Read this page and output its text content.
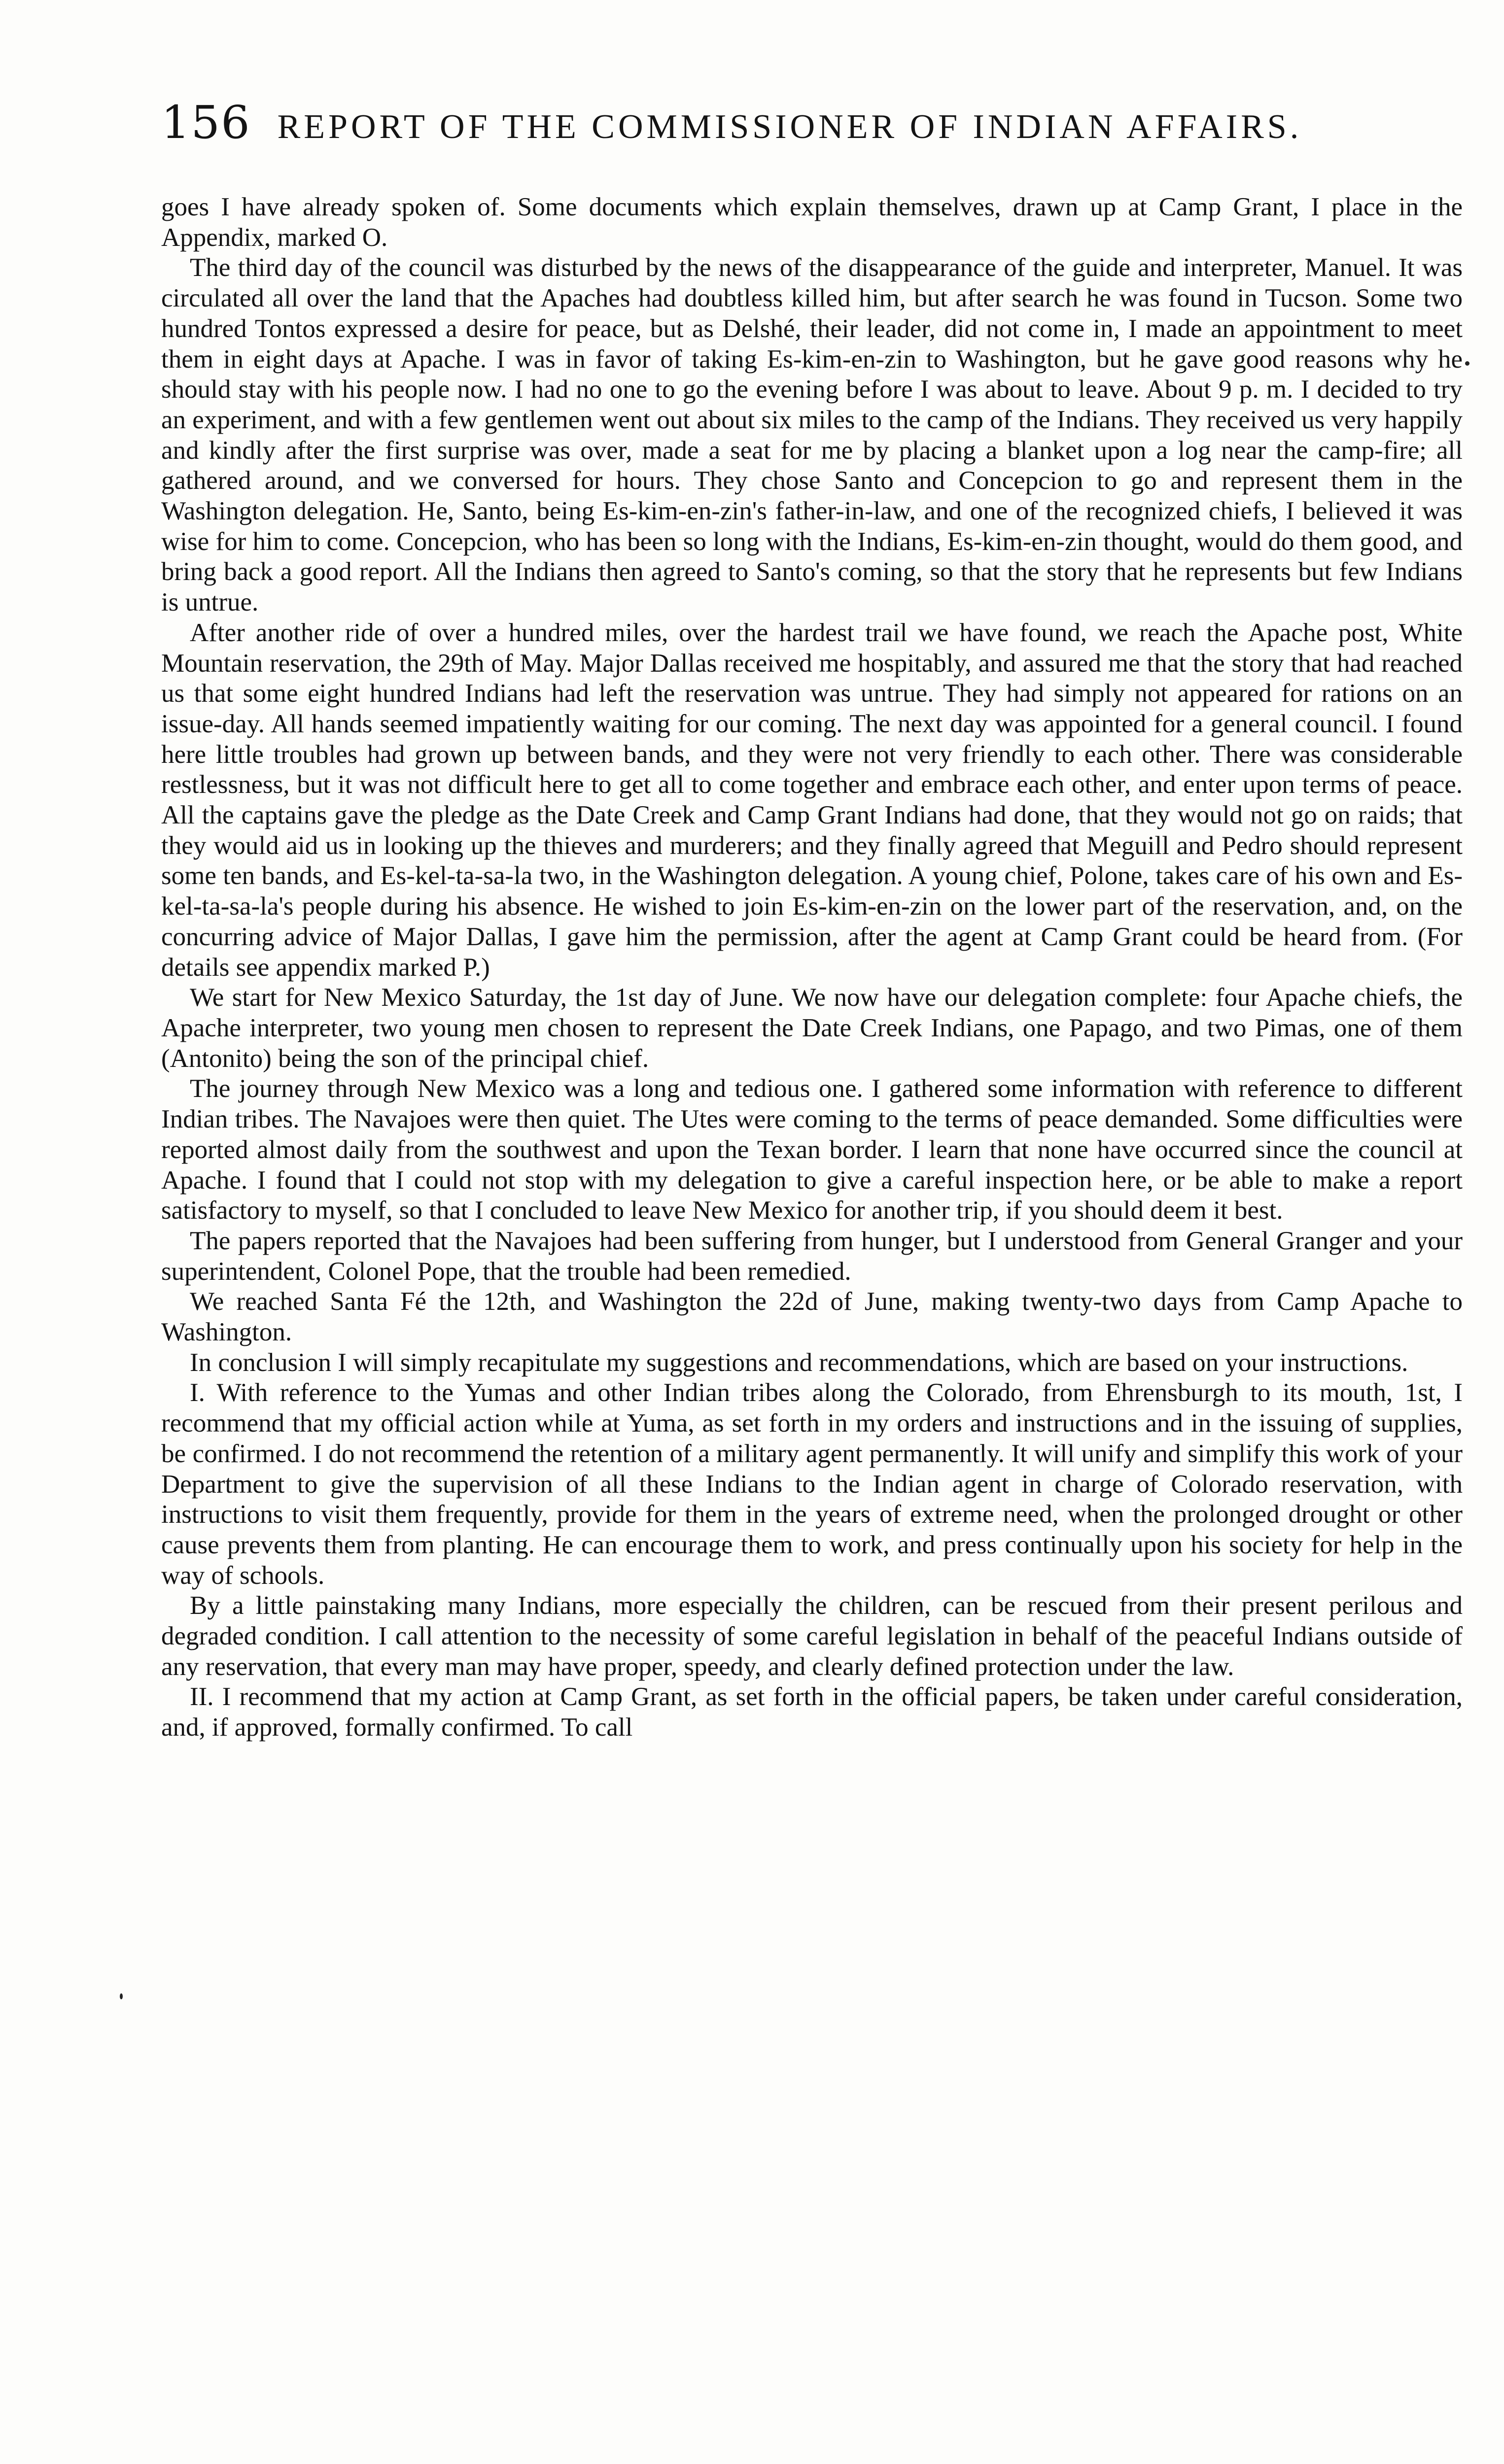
156 REPORT OF THE COMMISSIONER OF INDIAN AFFAIRS.

goes I have already spoken of. Some documents which explain themselves, drawn up at Camp Grant, I place in the Appendix, marked O.

The third day of the council was disturbed by the news of the disappearance of the guide and interpreter, Manuel. It was circulated all over the land that the Apaches had doubtless killed him, but after search he was found in Tucson. Some two hundred Tontos expressed a desire for peace, but as Delshé, their leader, did not come in, I made an appointment to meet them in eight days at Apache. I was in favor of taking Es-kim-en-zin to Washington, but he gave good reasons why he should stay with his people now. I had no one to go the evening before I was about to leave. About 9 p. m. I decided to try an experiment, and with a few gentlemen went out about six miles to the camp of the Indians. They received us very happily and kindly after the first surprise was over, made a seat for me by placing a blanket upon a log near the camp-fire; all gathered around, and we conversed for hours. They chose Santo and Concepcion to go and represent them in the Washington delegation. He, Santo, being Es-kim-en-zin's father-in-law, and one of the recognized chiefs, I believed it was wise for him to come. Concepcion, who has been so long with the Indians, Es-kim-en-zin thought, would do them good, and bring back a good report. All the Indians then agreed to Santo's coming, so that the story that he represents but few Indians is untrue.

After another ride of over a hundred miles, over the hardest trail we have found, we reach the Apache post, White Mountain reservation, the 29th of May. Major Dallas received me hospitably, and assured me that the story that had reached us that some eight hundred Indians had left the reservation was untrue. They had simply not appeared for rations on an issue-day. All hands seemed impatiently waiting for our coming. The next day was appointed for a general council. I found here little troubles had grown up between bands, and they were not very friendly to each other. There was considerable restlessness, but it was not difficult here to get all to come together and embrace each other, and enter upon terms of peace. All the captains gave the pledge as the Date Creek and Camp Grant Indians had done, that they would not go on raids; that they would aid us in looking up the thieves and murderers; and they finally agreed that Meguill and Pedro should represent some ten bands, and Es-kel-ta-sa-la two, in the Washington delegation. A young chief, Polone, takes care of his own and Es-kel-ta-sa-la's people during his absence. He wished to join Es-kim-en-zin on the lower part of the reservation, and, on the concurring advice of Major Dallas, I gave him the permission, after the agent at Camp Grant could be heard from. (For details see appendix marked P.)

We start for New Mexico Saturday, the 1st day of June. We now have our delegation complete: four Apache chiefs, the Apache interpreter, two young men chosen to represent the Date Creek Indians, one Papago, and two Pimas, one of them (Antonito) being the son of the principal chief.

The journey through New Mexico was a long and tedious one. I gathered some information with reference to different Indian tribes. The Navajoes were then quiet. The Utes were coming to the terms of peace demanded. Some difficulties were reported almost daily from the southwest and upon the Texan border. I learn that none have occurred since the council at Apache. I found that I could not stop with my delegation to give a careful inspection here, or be able to make a report satisfactory to myself, so that I concluded to leave New Mexico for another trip, if you should deem it best.

The papers reported that the Navajoes had been suffering from hunger, but I understood from General Granger and your superintendent, Colonel Pope, that the trouble had been remedied.

We reached Santa Fé the 12th, and Washington the 22d of June, making twenty-two days from Camp Apache to Washington.

In conclusion I will simply recapitulate my suggestions and recommendations, which are based on your instructions.

I. With reference to the Yumas and other Indian tribes along the Colorado, from Ehrensburgh to its mouth, 1st, I recommend that my official action while at Yuma, as set forth in my orders and instructions and in the issuing of supplies, be confirmed. I do not recommend the retention of a military agent permanently. It will unify and simplify this work of your Department to give the supervision of all these Indians to the Indian agent in charge of Colorado reservation, with instructions to visit them frequently, provide for them in the years of extreme need, when the prolonged drought or other cause prevents them from planting. He can encourage them to work, and press continually upon his society for help in the way of schools.

By a little painstaking many Indians, more especially the children, can be rescued from their present perilous and degraded condition. I call attention to the necessity of some careful legislation in behalf of the peaceful Indians outside of any reservation, that every man may have proper, speedy, and clearly defined protection under the law.

II. I recommend that my action at Camp Grant, as set forth in the official papers, be taken under careful consideration, and, if approved, formally confirmed. To call
